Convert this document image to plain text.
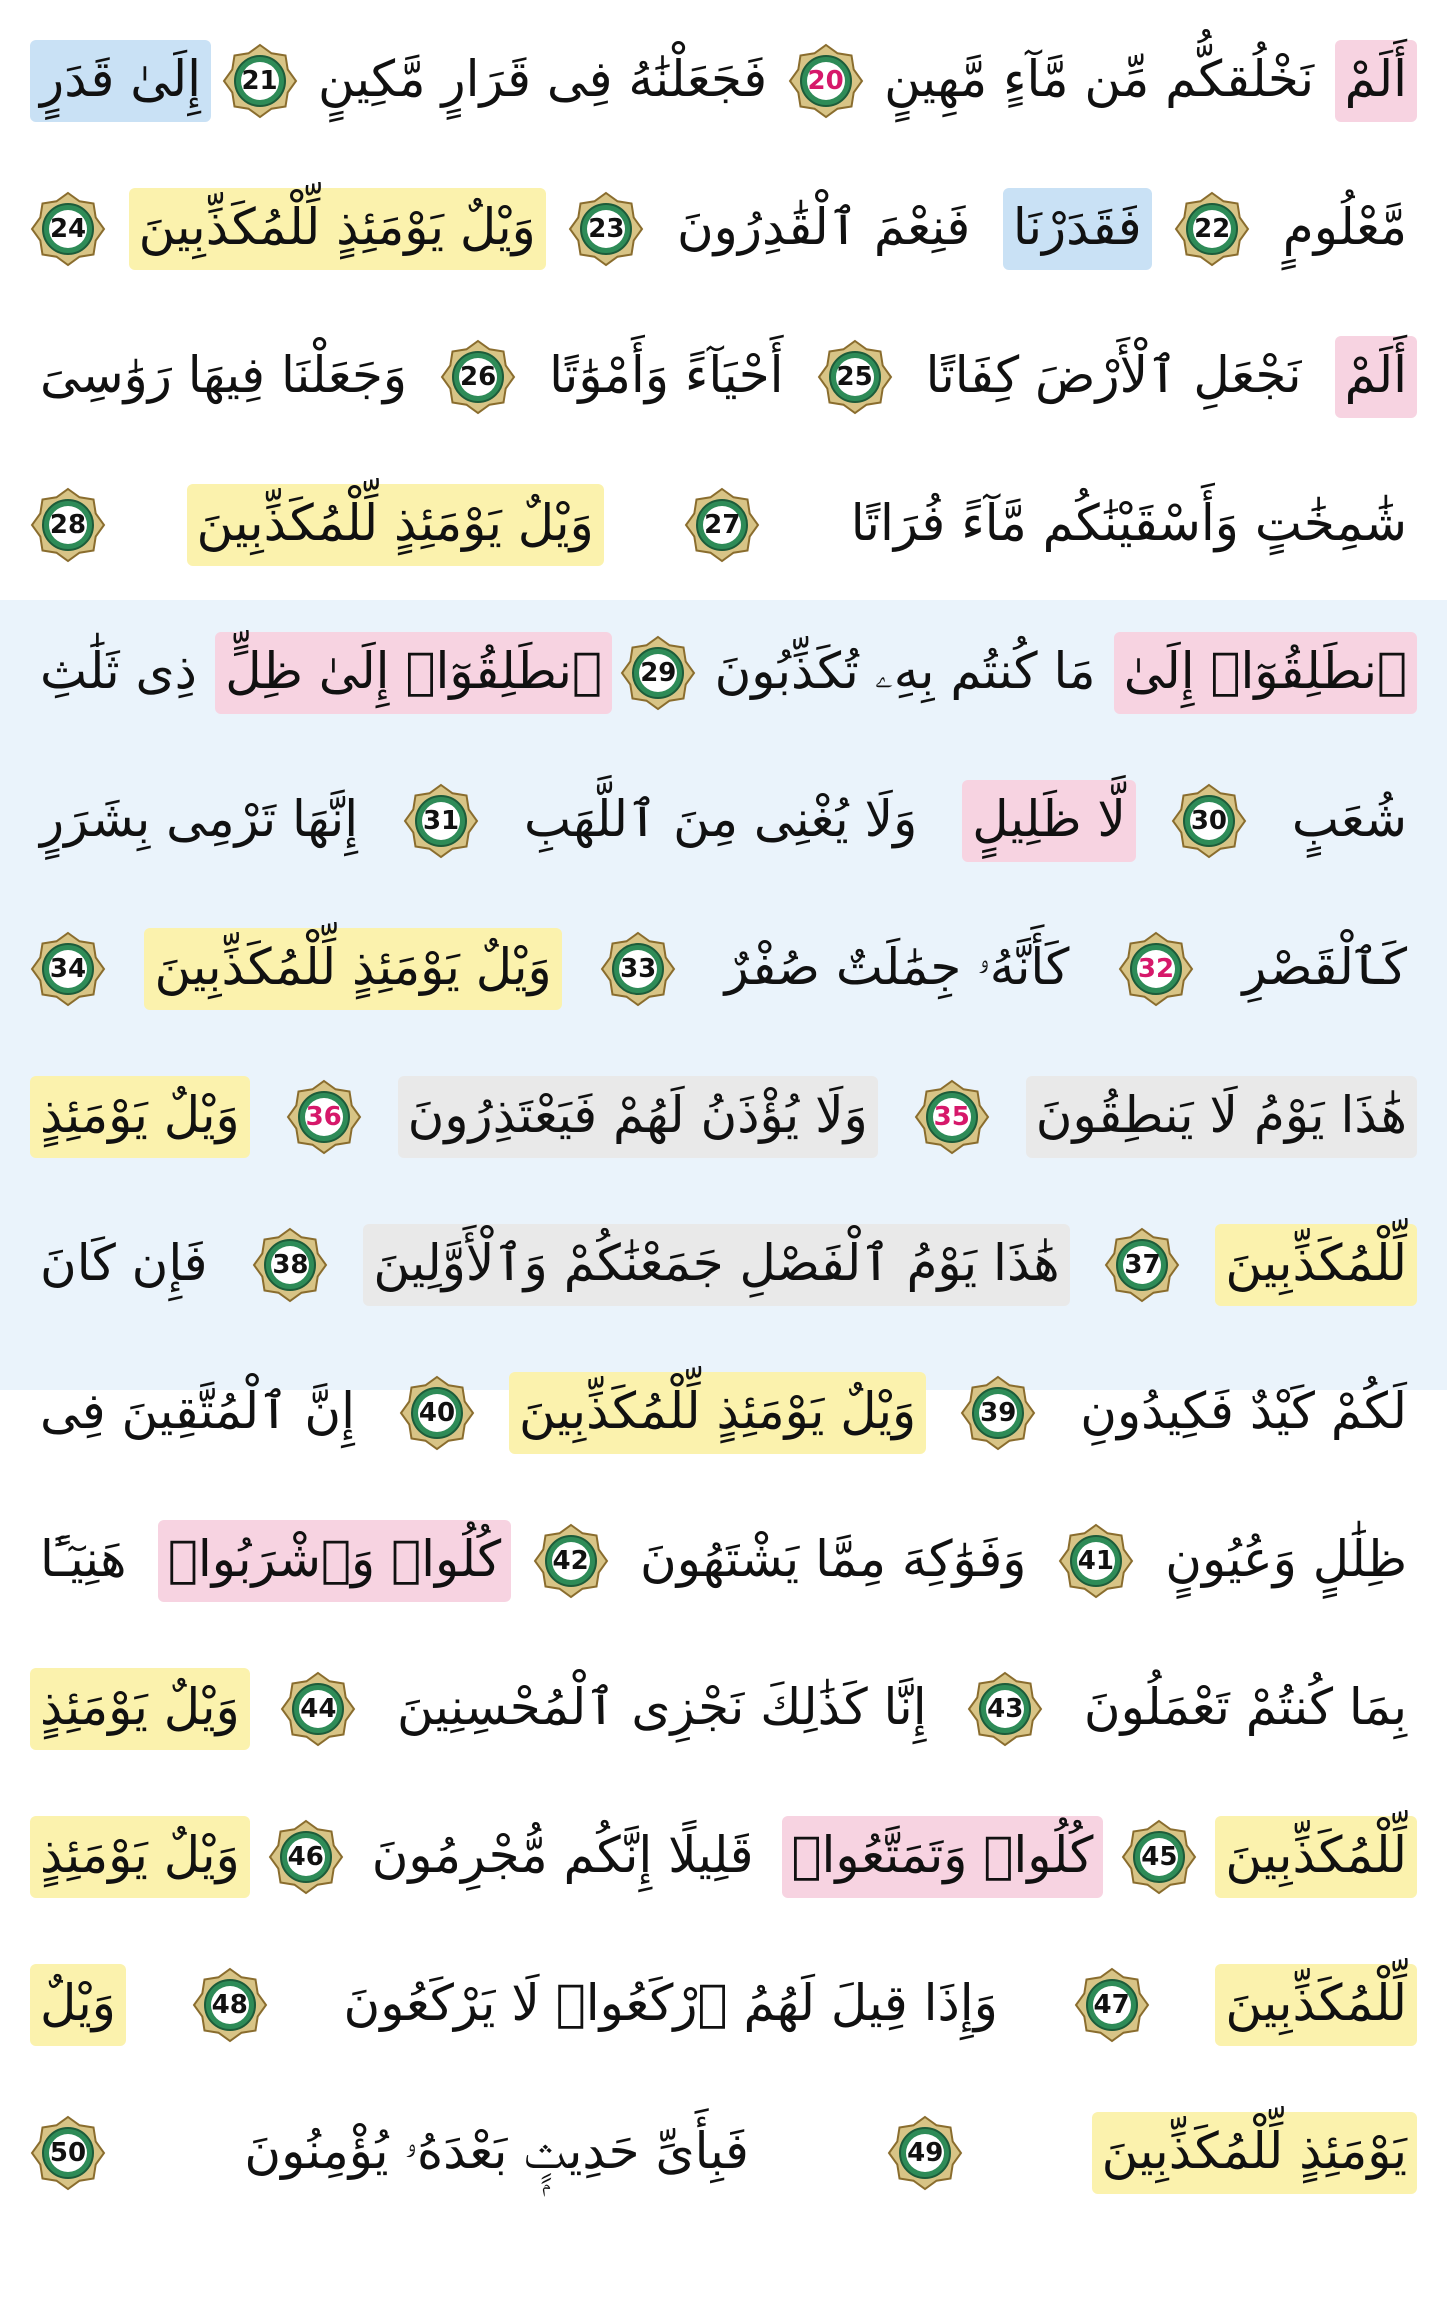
أَلَمْ
نَخْلُقكُّم مِّن مَّآءٍ مَّهِينٍ
20
فَجَعَلْنَٰهُ فِى قَرَارٍ مَّكِينٍ
21
إِلَىٰ قَدَرٍ
مَّعْلُومٍ
22
فَقَدَرْنَا
فَنِعْمَ ٱلْقَٰدِرُونَ
23
وَيْلٌ يَوْمَئِذٍ لِّلْمُكَذِّبِينَ
24
أَلَمْ
نَجْعَلِ ٱلْأَرْضَ كِفَاتًا
25
أَحْيَآءً وَأَمْوَٰتًا
26
وَجَعَلْنَا فِيهَا رَوَٰسِىَ
شَٰمِخَٰتٍ وَأَسْقَيْنَٰكُم مَّآءً فُرَاتًا
27
وَيْلٌ يَوْمَئِذٍ لِّلْمُكَذِّبِينَ
28
ٱنطَلِقُوٓا۟ إِلَىٰ
مَا كُنتُم بِهِۦ تُكَذِّبُونَ
29
ٱنطَلِقُوٓا۟ إِلَىٰ ظِلٍّ
ذِى ثَلَٰثِ
شُعَبٍ
30
لَّا ظَلِيلٍ
وَلَا يُغْنِى مِنَ ٱللَّهَبِ
31
إِنَّهَا تَرْمِى بِشَرَرٍ
كَٱلْقَصْرِ
32
كَأَنَّهُۥ جِمَٰلَتٌ صُفْرٌ
33
وَيْلٌ يَوْمَئِذٍ لِّلْمُكَذِّبِينَ
34
هَٰذَا يَوْمُ لَا يَنطِقُونَ
35
وَلَا يُؤْذَنُ لَهُمْ فَيَعْتَذِرُونَ
36
وَيْلٌ يَوْمَئِذٍ
لِّلْمُكَذِّبِينَ
37
هَٰذَا يَوْمُ ٱلْفَصْلِ جَمَعْنَٰكُمْ وَٱلْأَوَّلِينَ
38
فَإِن كَانَ
لَكُمْ كَيْدٌ فَكِيدُونِ
39
وَيْلٌ يَوْمَئِذٍ لِّلْمُكَذِّبِينَ
40
إِنَّ ٱلْمُتَّقِينَ فِى
ظِلَٰلٍ وَعُيُونٍ
41
وَفَوَٰكِهَ مِمَّا يَشْتَهُونَ
42
كُلُوا۟ وَٱشْرَبُوا۟
هَنِيٓـًٔا
بِمَا كُنتُمْ تَعْمَلُونَ
43
إِنَّا كَذَٰلِكَ نَجْزِى ٱلْمُحْسِنِينَ
44
وَيْلٌ يَوْمَئِذٍ
لِّلْمُكَذِّبِينَ
45
كُلُوا۟ وَتَمَتَّعُوا۟
قَلِيلًا إِنَّكُم مُّجْرِمُونَ
46
وَيْلٌ يَوْمَئِذٍ
لِّلْمُكَذِّبِينَ
47
وَإِذَا قِيلَ لَهُمُ ٱرْكَعُوا۟ لَا يَرْكَعُونَ
48
وَيْلٌ
يَوْمَئِذٍ لِّلْمُكَذِّبِينَ
49
فَبِأَىِّ حَدِيثٍۭ بَعْدَهُۥ يُؤْمِنُونَ
50
